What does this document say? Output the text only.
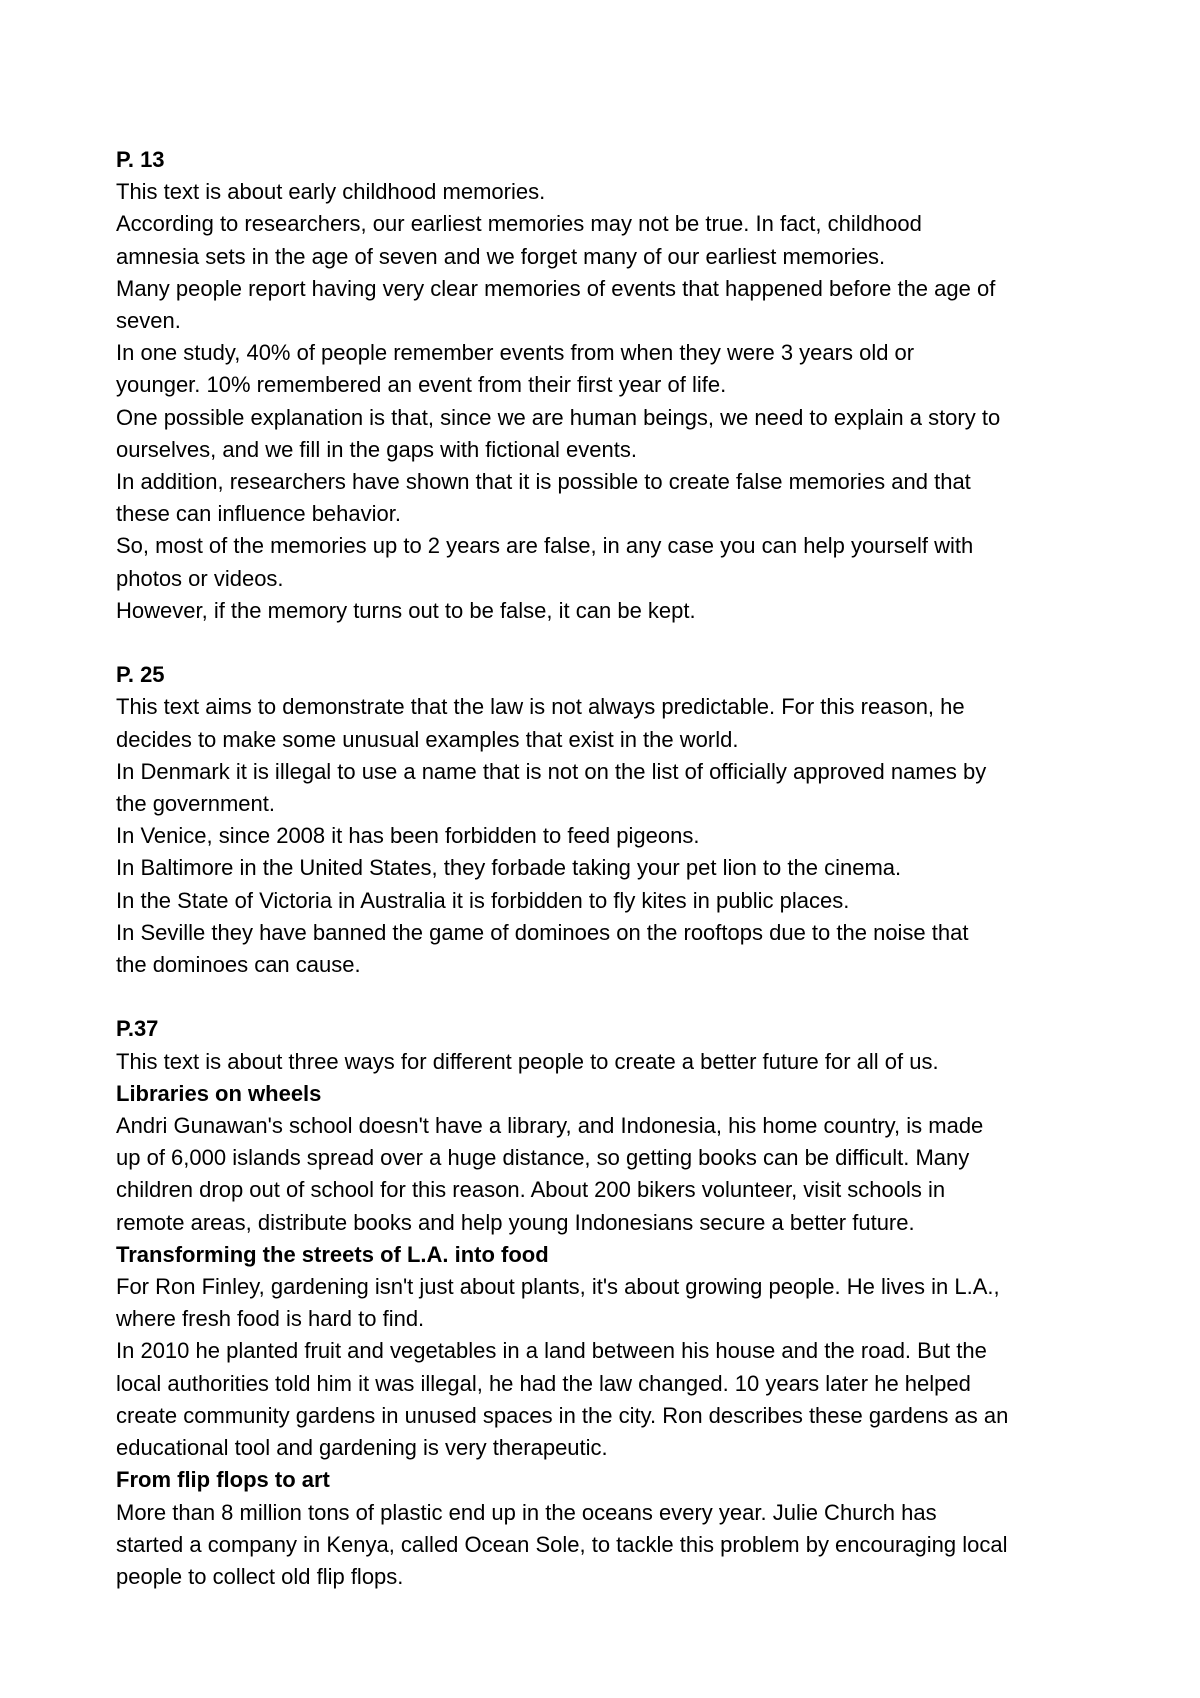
P. 13
This text is about early childhood memories.
According to researchers, our earliest memories may not be true. In fact, childhood
amnesia sets in the age of seven and we forget many of our earliest memories.
Many people report having very clear memories of events that happened before the age of
seven.
In one study, 40% of people remember events from when they were 3 years old or
younger. 10% remembered an event from their first year of life.
One possible explanation is that, since we are human beings, we need to explain a story to
ourselves, and we fill in the gaps with fictional events.
In addition, researchers have shown that it is possible to create false memories and that
these can influence behavior.
So, most of the memories up to 2 years are false, in any case you can help yourself with
photos or videos.
However, if the memory turns out to be false, it can be kept.
P. 25
This text aims to demonstrate that the law is not always predictable. For this reason, he
decides to make some unusual examples that exist in the world.
In Denmark it is illegal to use a name that is not on the list of officially approved names by
the government.
In Venice, since 2008 it has been forbidden to feed pigeons.
In Baltimore in the United States, they forbade taking your pet lion to the cinema.
In the State of Victoria in Australia it is forbidden to fly kites in public places.
In Seville they have banned the game of dominoes on the rooftops due to the noise that
the dominoes can cause.
P.37
This text is about three ways for different people to create a better future for all of us.
Libraries on wheels
Andri Gunawan's school doesn't have a library, and Indonesia, his home country, is made
up of 6,000 islands spread over a huge distance, so getting books can be difficult. Many
children drop out of school for this reason. About 200 bikers volunteer, visit schools in
remote areas, distribute books and help young Indonesians secure a better future.
Transforming the streets of L.A. into food
For Ron Finley, gardening isn't just about plants, it's about growing people. He lives in L.A.,
where fresh food is hard to find.
In 2010 he planted fruit and vegetables in a land between his house and the road. But the
local authorities told him it was illegal, he had the law changed. 10 years later he helped
create community gardens in unused spaces in the city. Ron describes these gardens as an
educational tool and gardening is very therapeutic.
From flip flops to art
More than 8 million tons of plastic end up in the oceans every year. Julie Church has
started a company in Kenya, called Ocean Sole, to tackle this problem by encouraging local
people to collect old flip flops.
